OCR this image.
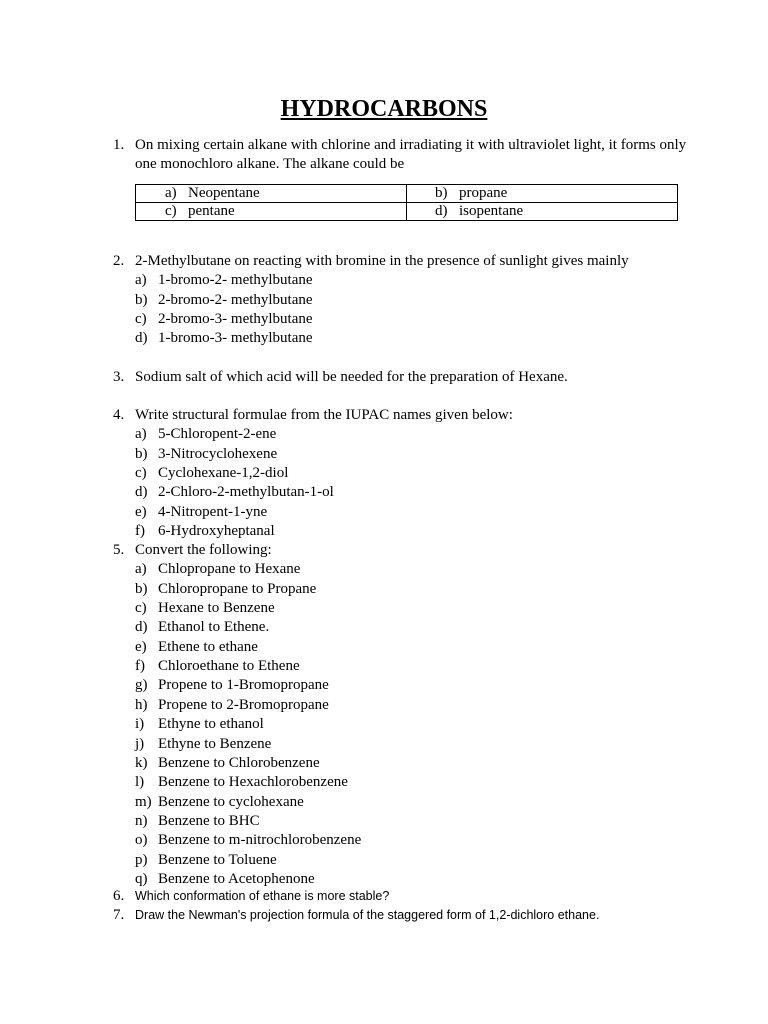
HYDROCARBONS
1. On mixing certain alkane with chlorine and irradiating it with ultraviolet light, it forms only one monochloro alkane. The alkane could be
a) Neopentane	b) propane

c) pentane	d) isopentane
2. 2-Methylbutane on reacting with bromine in the presence of sunlight gives mainly
a) 1-bromo-2- methylbutane
b) 2-bromo-2- methylbutane
c) 2-bromo-3- methylbutane
d) 1-bromo-3- methylbutane
3. Sodium salt of which acid will be needed for the preparation of Hexane.
4. Write structural formulae from the IUPAC names given below:
a) 5-Chloropent-2-ene
b) 3-Nitrocyclohexene
c) Cyclohexane-1,2-diol
d) 2-Chloro-2-methylbutan-1-ol
e) 4-Nitropent-1-yne
f) 6-Hydroxyheptanal
5. Convert the following:
a) Chlopropane to Hexane
b) Chloropropane to Propane
c) Hexane to Benzene
d) Ethanol to Ethene.
e) Ethene to ethane
f) Chloroethane to Ethene
g) Propene to 1-Bromopropane
h) Propene to 2-Bromopropane
i) Ethyne to ethanol
j) Ethyne to Benzene
k) Benzene to Chlorobenzene
l) Benzene to Hexachlorobenzene
m) Benzene to cyclohexane
n) Benzene to BHC
o) Benzene to m-nitrochlorobenzene
p) Benzene to Toluene
q) Benzene to Acetophenone
6. Which conformation of ethane is more stable?
7. Draw the Newman's projection formula of the staggered form of 1,2-dichloro ethane.
